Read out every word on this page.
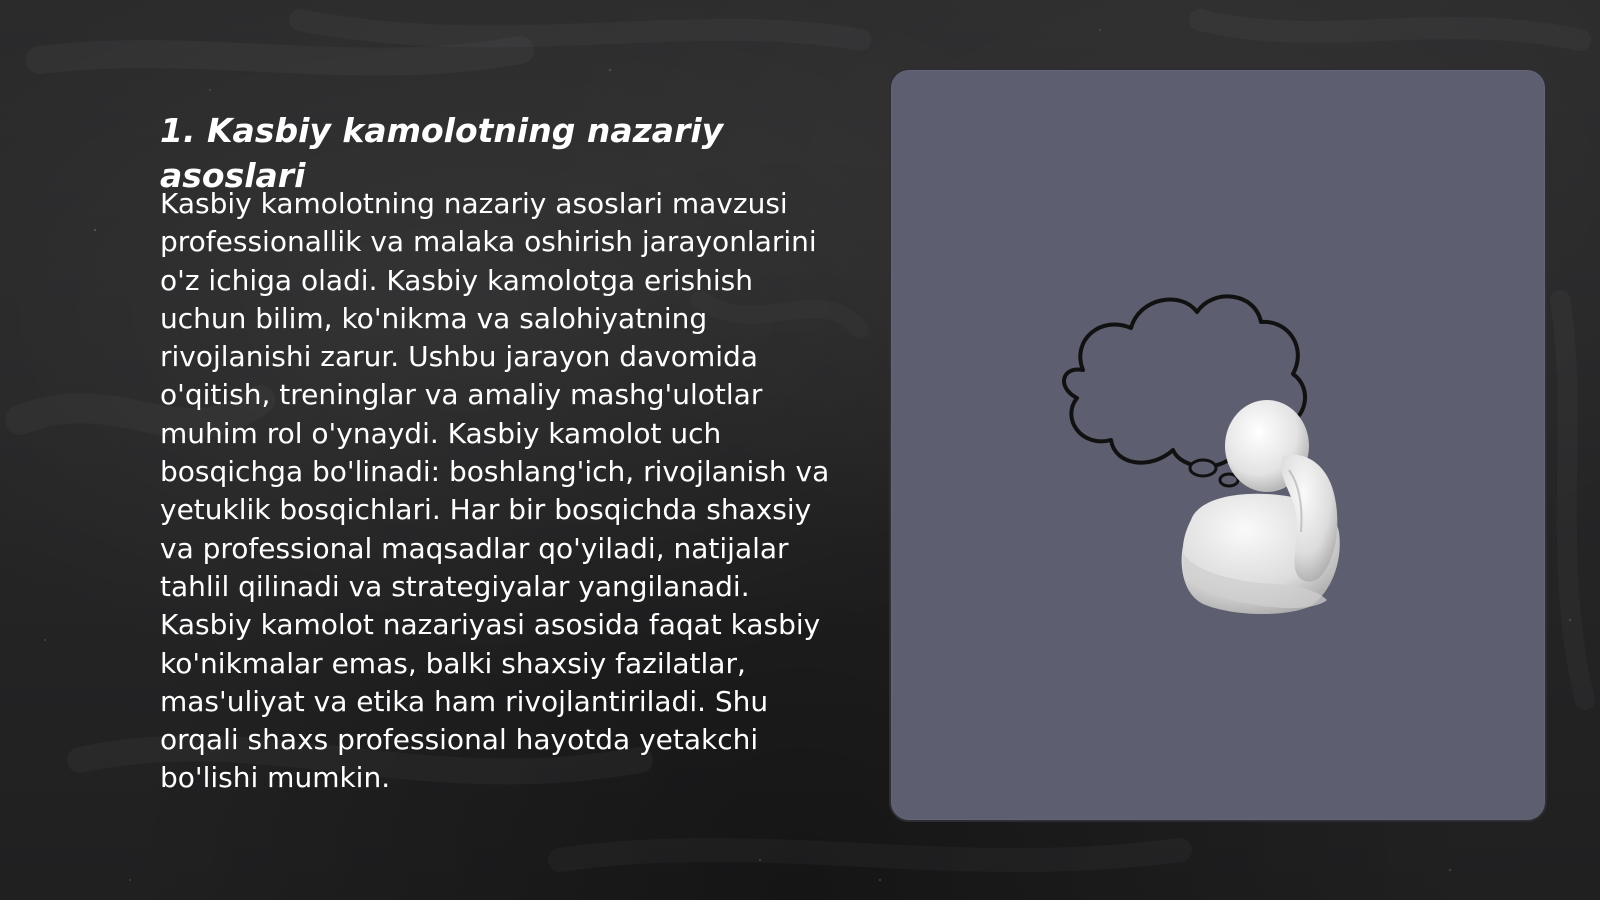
1. Kasbiy kamolotning nazariy asoslari

Kasbiy kamolotning nazariy asoslari mavzusi professionallik va malaka oshirish jarayonlarini o'z ichiga oladi. Kasbiy kamolotga erishish uchun bilim, ko'nikma va salohiyatning rivojlanishi zarur. Ushbu jarayon davomida o'qitish, treninglar va amaliy mashg'ulotlar muhim rol o'ynaydi. Kasbiy kamolot uch bosqichga bo'linadi: boshlang'ich, rivojlanish va yetuklik bosqichlari. Har bir bosqichda shaxsiy va professional maqsadlar qo'yiladi, natijalar tahlil qilinadi va strategiyalar yangilanadi. Kasbiy kamolot nazariyasi asosida faqat kasbiy ko'nikmalar emas, balki shaxsiy fazilatlar, mas'uliyat va etika ham rivojlantiriladi. Shu orqali shaxs professional hayotda yetakchi bo'lishi mumkin.
